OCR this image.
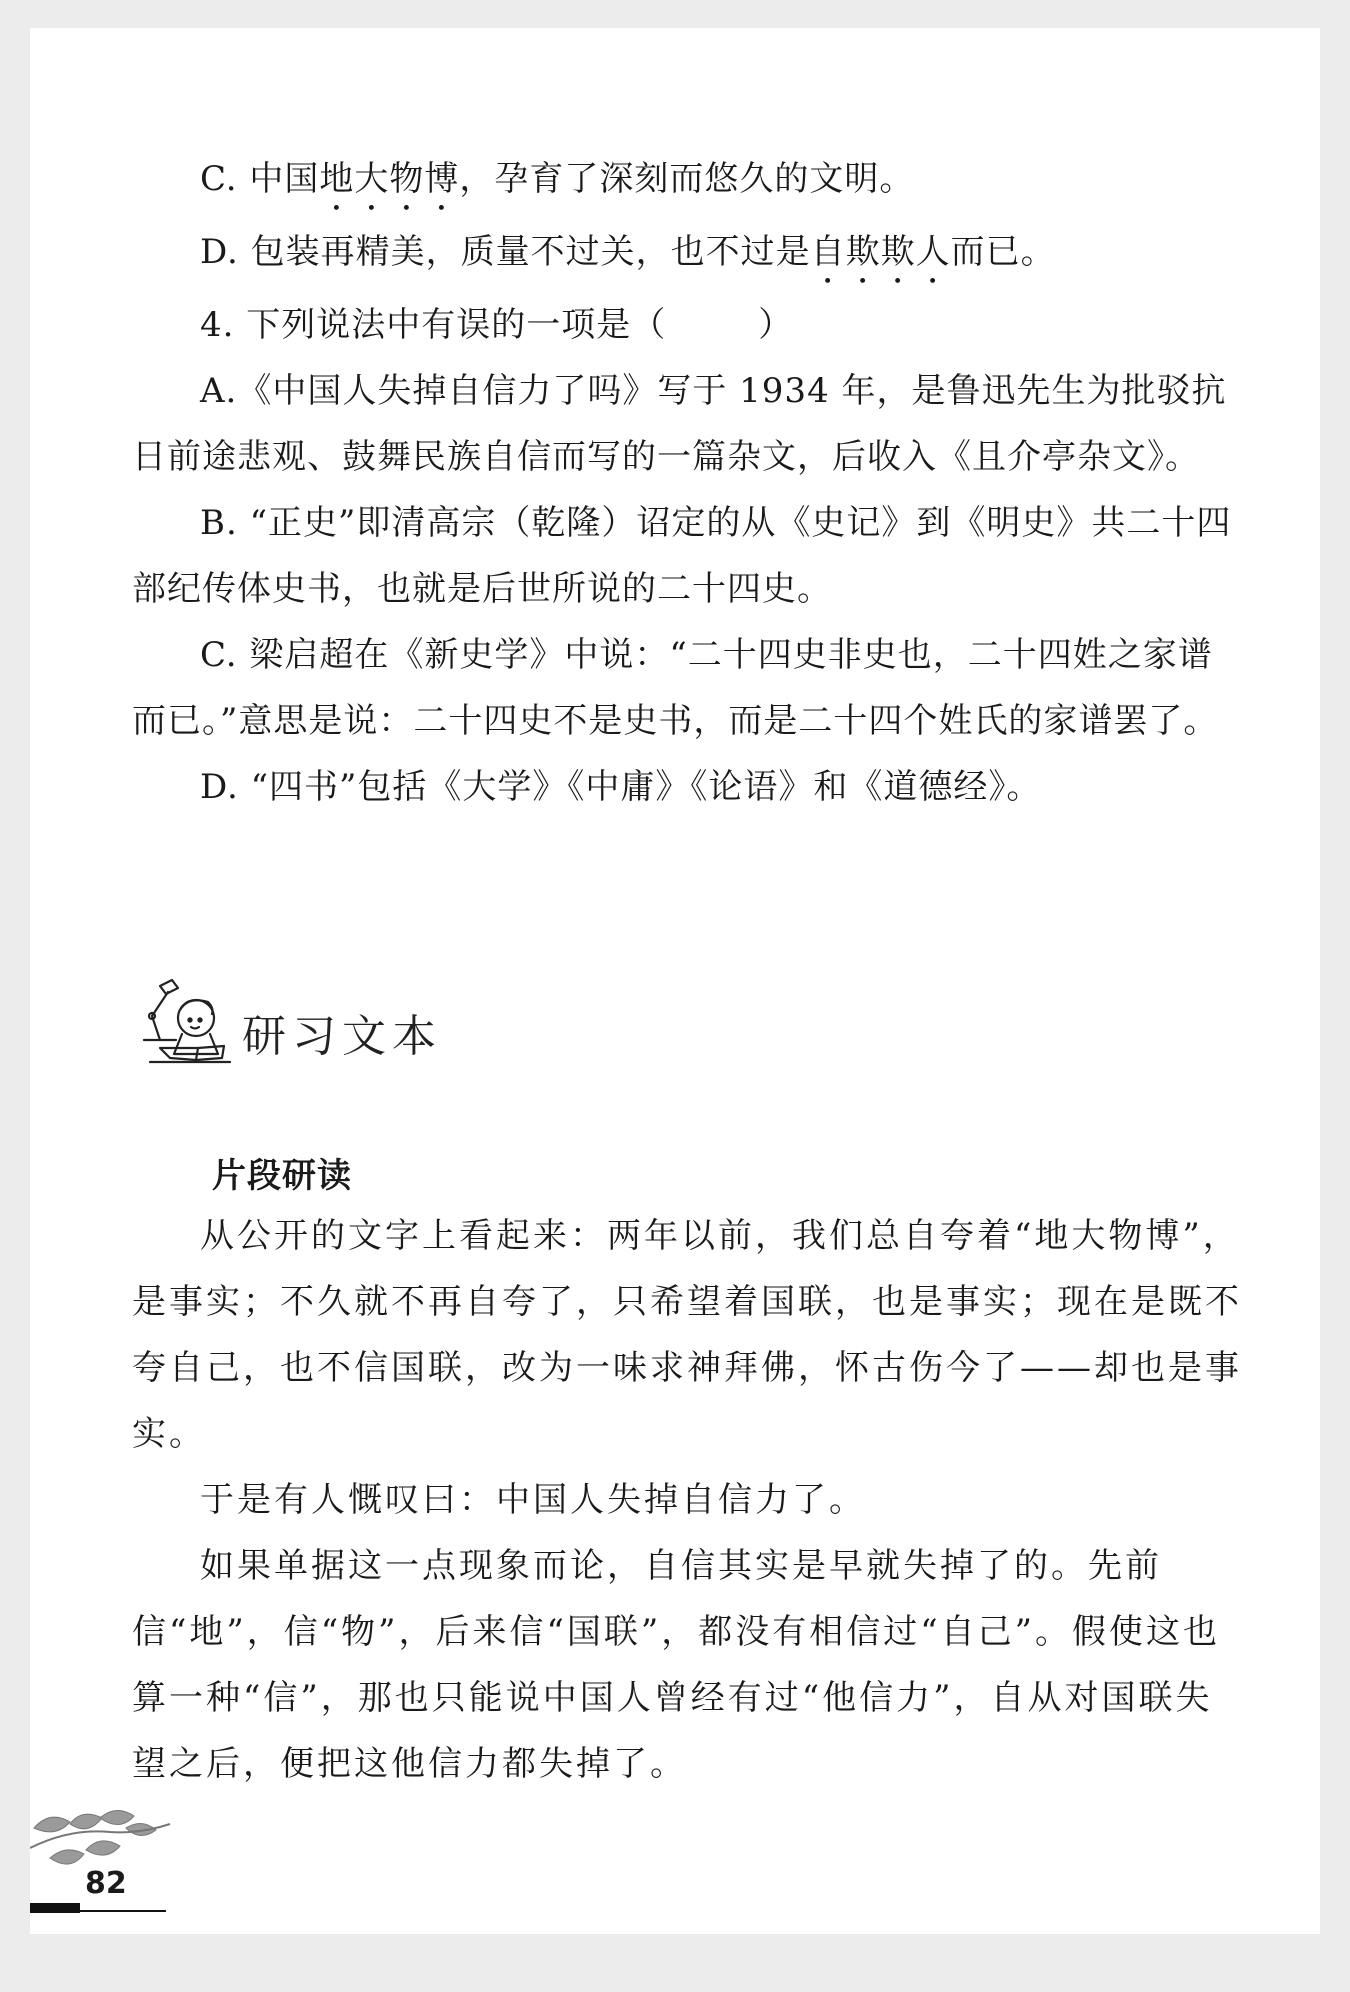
C. 中国地大物博，孕育了深刻而悠久的文明。

D. 包装再精美，质量不过关，也不过是自欺欺人而已。

4. 下列说法中有误的一项是（	）

A.《中国人失掉自信力了吗》写于 1934 年，是鲁迅先生为批驳抗日前途悲观、鼓舞民族自信而写的一篇杂文，后收入《且介亭杂文》。

B. “正史”即清高宗（乾隆）诏定的从《史记》到《明史》共二十四部纪传体史书，也就是后世所说的二十四史。

C. 梁启超在《新史学》中说：“二十四史非史也，二十四姓之家谱而已。”意思是说：二十四史不是史书，而是二十四个姓氏的家谱罢了。

D. “四书”包括《大学》《中庸》《论语》和《道德经》。

研习文本
片段研读

从公开的文字上看起来：两年以前，我们总自夸着“地大物博”，是事实；不久就不再自夸了，只希望着国联，也是事实；现在是既不夸自己，也不信国联，改为一味求神拜佛，怀古伤今了——却也是事实。

于是有人慨叹曰：中国人失掉自信力了。

如果单据这一点现象而论，自信其实是早就失掉了的。先前信“地”，信“物”，后来信“国联”，都没有相信过“自己”。假使这也算一种“信”，那也只能说中国人曾经有过“他信力”，自从对国联失望之后，便把这他信力都失掉了。

82
